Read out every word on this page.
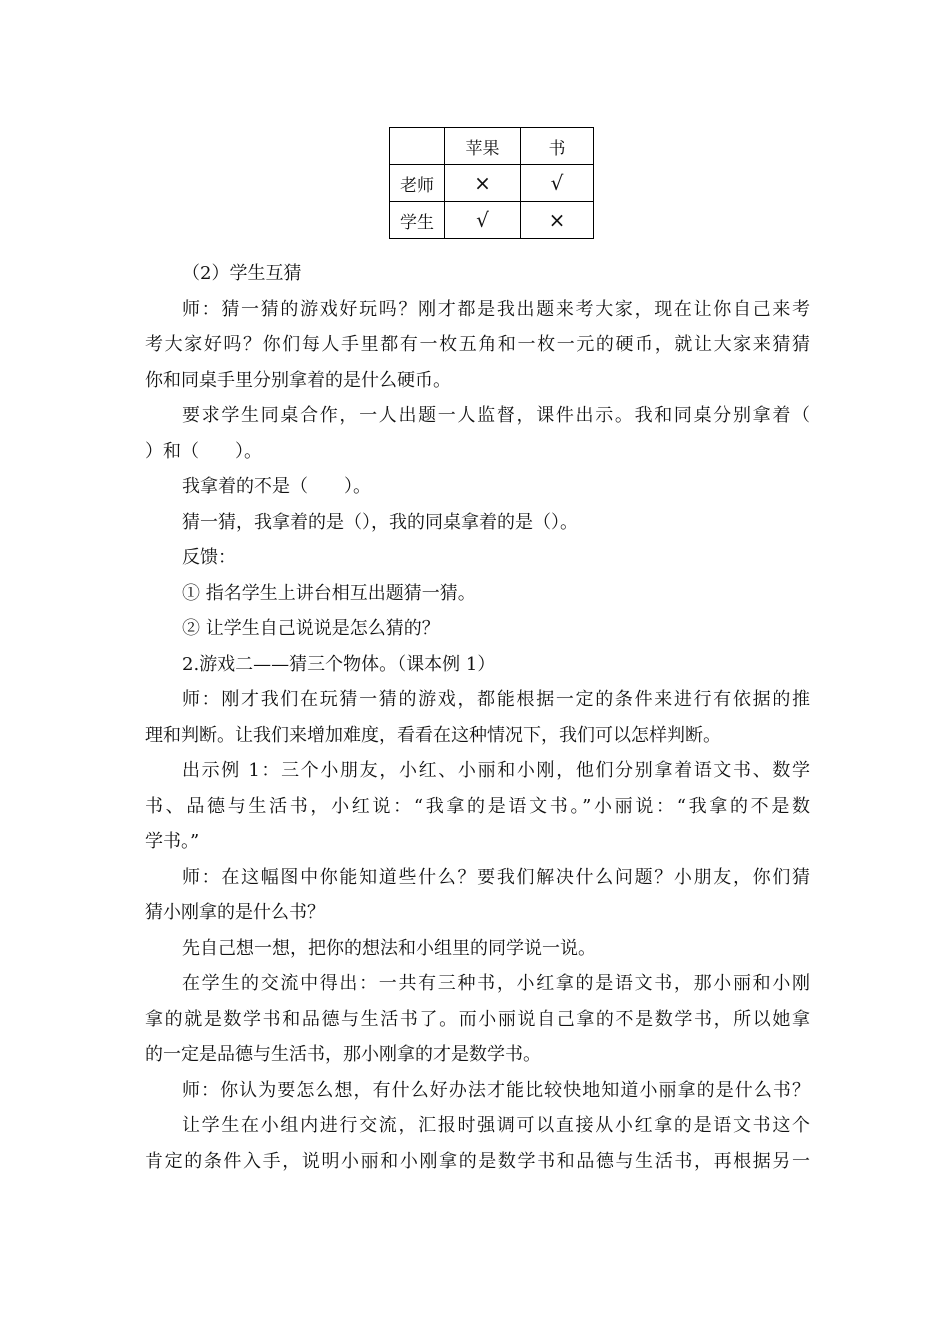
	苹果	书
老师	×	√
学生	√	×
（2）学生互猜
师：猜一猜的游戏好玩吗？刚才都是我出题来考大家，现在让你自己来考
考大家好吗？你们每人手里都有一枚五角和一枚一元的硬币，就让大家来猜猜
你和同桌手里分别拿着的是什么硬币。
要求学生同桌合作，一人出题一人监督，课件出示。我和同桌分别拿着（
）和（　　）。
我拿着的不是（　　）。
猜一猜，我拿着的是（），我的同桌拿着的是（）。
反馈：
① 指名学生上讲台相互出题猜一猜。
② 让学生自己说说是怎么猜的？
2.游戏二——猜三个物体。（课本例 1）
师：刚才我们在玩猜一猜的游戏，都能根据一定的条件来进行有依据的推
理和判断。让我们来增加难度，看看在这种情况下，我们可以怎样判断。
出示例 1：三个小朋友，小红、小丽和小刚，他们分别拿着语文书、数学
书、品德与生活书，小红说：“我拿的是语文书。”小丽说：“我拿的不是数
学书。”
师：在这幅图中你能知道些什么？要我们解决什么问题？小朋友，你们猜
猜小刚拿的是什么书？
先自己想一想，把你的想法和小组里的同学说一说。
在学生的交流中得出：一共有三种书，小红拿的是语文书，那小丽和小刚
拿的就是数学书和品德与生活书了。而小丽说自己拿的不是数学书，所以她拿
的一定是品德与生活书，那小刚拿的才是数学书。
师：你认为要怎么想，有什么好办法才能比较快地知道小丽拿的是什么书？
让学生在小组内进行交流，汇报时强调可以直接从小红拿的是语文书这个
肯定的条件入手，说明小丽和小刚拿的是数学书和品德与生活书，再根据另一
